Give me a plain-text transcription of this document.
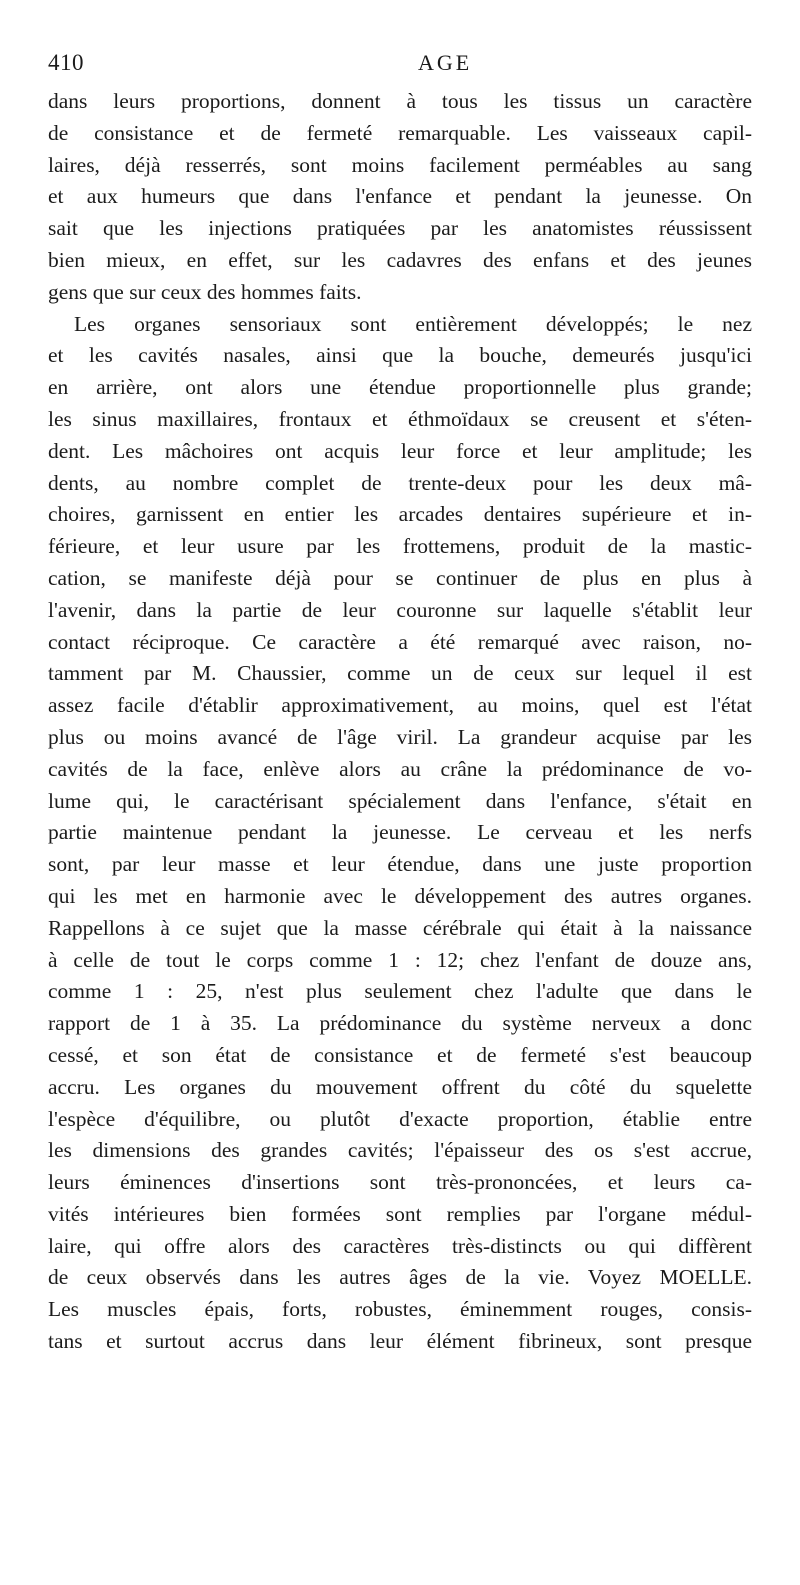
410	AGE
dans leurs proportions, donnent à tous les tissus un caractère
de consistance et de fermeté remarquable. Les vaisseaux capil-
laires, déjà resserrés, sont moins facilement perméables au sang
et aux humeurs que dans l'enfance et pendant la jeunesse. On
sait que les injections pratiquées par les anatomistes réussissent
bien mieux, en effet, sur les cadavres des enfans et des jeunes
gens que sur ceux des hommes faits.
Les organes sensoriaux sont entièrement développés; le nez
et les cavités nasales, ainsi que la bouche, demeurés jusqu'ici
en arrière, ont alors une étendue proportionnelle plus grande;
les sinus maxillaires, frontaux et éthmoïdaux se creusent et s'éten-
dent. Les mâchoires ont acquis leur force et leur amplitude; les
dents, au nombre complet de trente-deux pour les deux mâ-
choires, garnissent en entier les arcades dentaires supérieure et in-
férieure, et leur usure par les frottemens, produit de la mastic-
cation, se manifeste déjà pour se continuer de plus en plus à
l'avenir, dans la partie de leur couronne sur laquelle s'établit leur
contact réciproque. Ce caractère a été remarqué avec raison, no-
tamment par M. Chaussier, comme un de ceux sur lequel il est
assez facile d'établir approximativement, au moins, quel est l'état
plus ou moins avancé de l'âge viril. La grandeur acquise par les
cavités de la face, enlève alors au crâne la prédominance de vo-
lume qui, le caractérisant spécialement dans l'enfance, s'était en
partie maintenue pendant la jeunesse. Le cerveau et les nerfs
sont, par leur masse et leur étendue, dans une juste proportion
qui les met en harmonie avec le développement des autres organes.
Rappellons à ce sujet que la masse cérébrale qui était à la naissance
à celle de tout le corps comme 1 : 12; chez l'enfant de douze ans,
comme 1 : 25, n'est plus seulement chez l'adulte que dans le
rapport de 1 à 35. La prédominance du système nerveux a donc
cessé, et son état de consistance et de fermeté s'est beaucoup
accru. Les organes du mouvement offrent du côté du squelette
l'espèce d'équilibre, ou plutôt d'exacte proportion, établie entre
les dimensions des grandes cavités; l'épaisseur des os s'est accrue,
leurs éminences d'insertions sont très-prononcées, et leurs ca-
vités intérieures bien formées sont remplies par l'organe médul-
laire, qui offre alors des caractères très-distincts ou qui diffèrent
de ceux observés dans les autres âges de la vie. Voyez MOELLE.
Les muscles épais, forts, robustes, éminemment rouges, consis-
tans et surtout accrus dans leur élément fibrineux, sont presque
